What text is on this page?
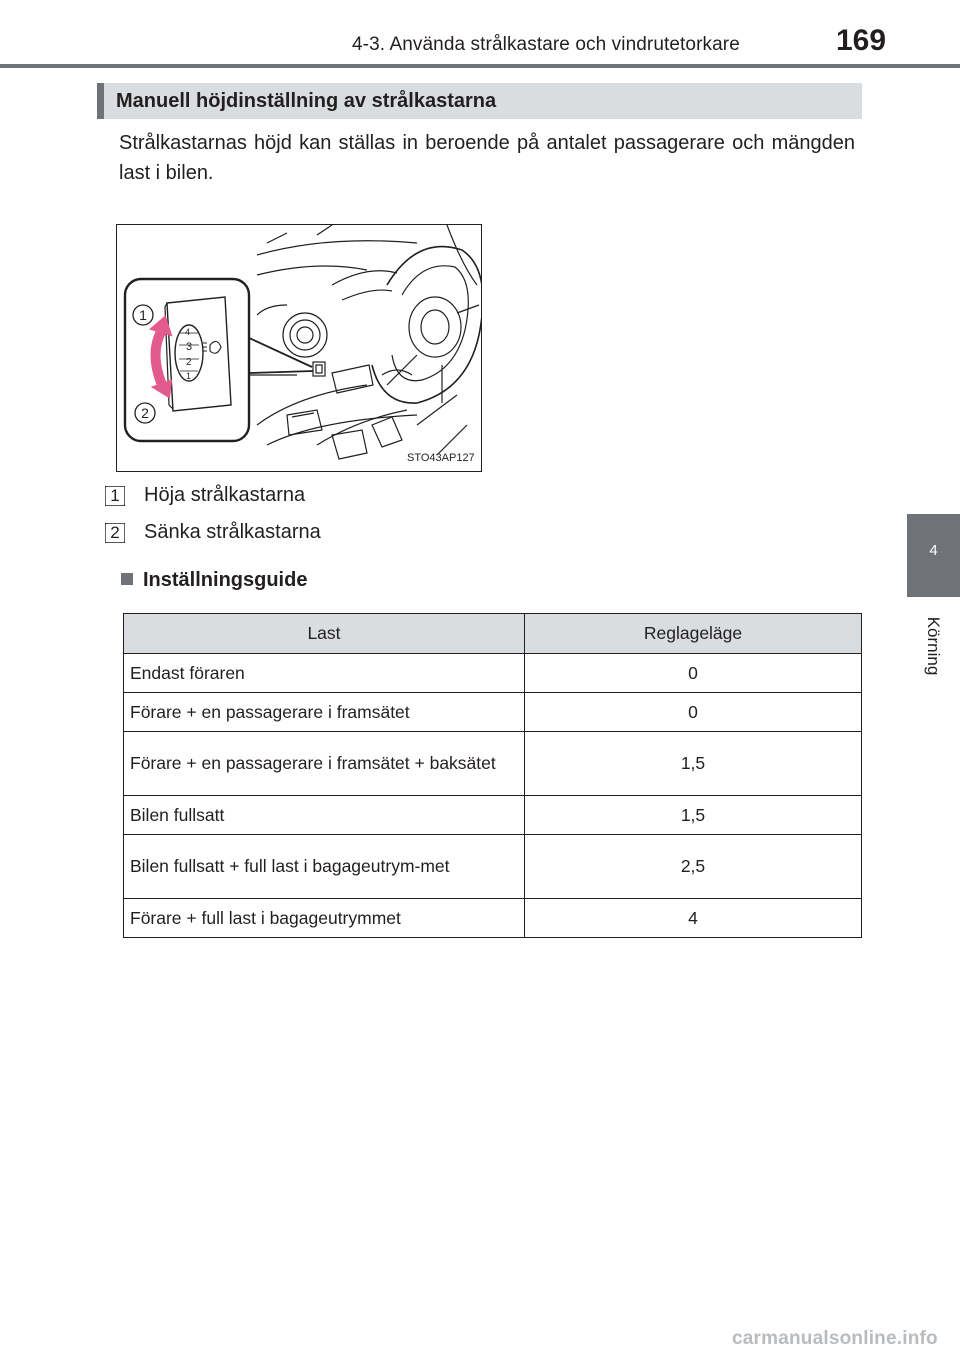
4-3. Använda strålkastare och vindrutetorkare	169
4
Körning
Manuell höjdinställning av strålkastarna
Strålkastarnas höjd kan ställas in beroende på antalet passagerare och mängden last i bilen.
1
2
4
3
2
1
STO43AP127
1 Höja strålkastarna
2 Sänka strålkastarna
Inställningsguide
Last	Reglageläge
Endast föraren	0
Förare + en passagerare i framsätet	0
Förare + en passagerare i framsätet + baksätet	1,5
Bilen fullsatt	1,5
Bilen fullsatt + full last i bagageutrym-met	2,5
Förare + full last i bagageutrymmet	4
carmanualsonline.info
